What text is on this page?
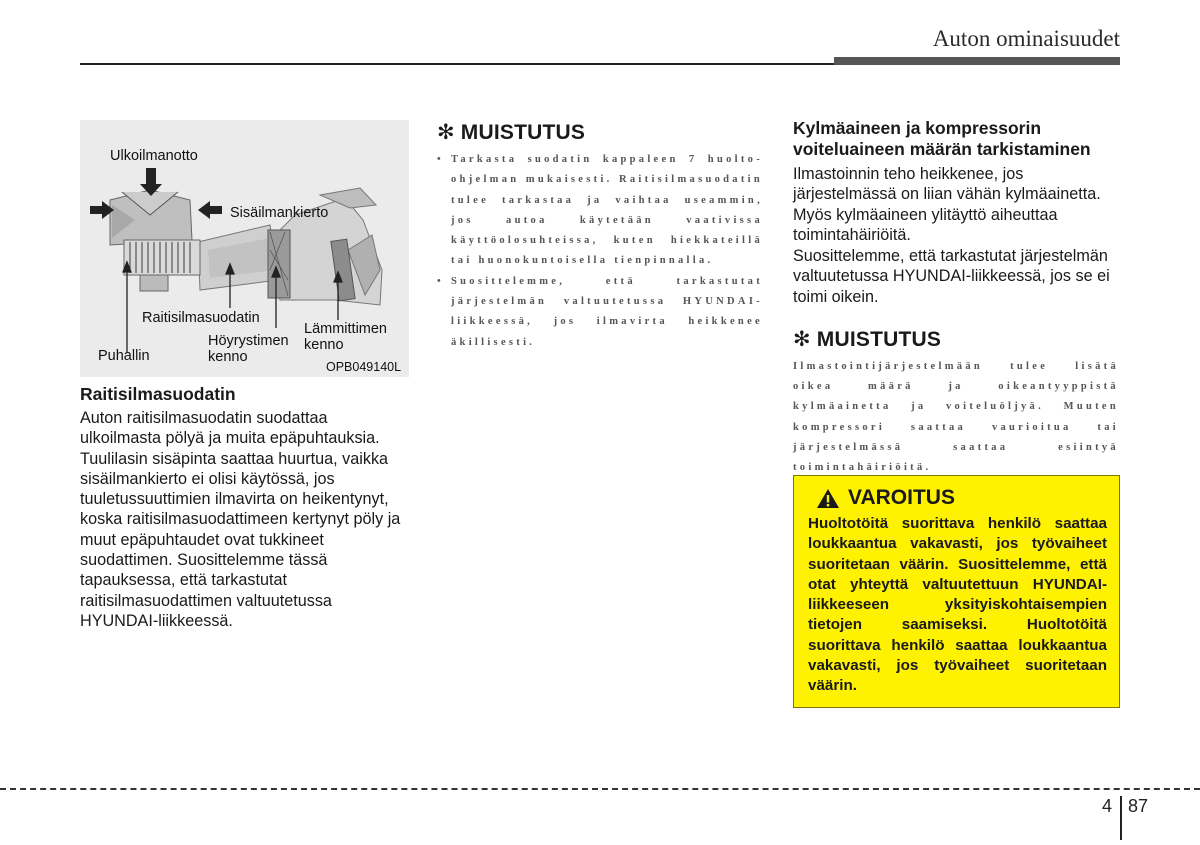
Auton ominaisuudet
Ulkoilmanotto
Sisäilmankierto
Raitisilmasuodatin
Höyrystimen
kenno
Lämmittimen
kenno
Puhallin
OPB049140L
Raitisilmasuodatin
Auton raitisilmasuodatin suodattaa ulkoilmasta pölyä ja muita epäpuhtauksia. Tuulilasin sisäpinta saattaa huurtua, vaikka sisäilmankierto ei olisi käytössä, jos tuuletussuuttimien ilmavirta on heikentynyt, koska raitisilmasuodattimeen kertynyt pöly ja muut epäpuhtaudet ovat tukkineet suodattimen. Suosittelemme tässä tapauksessa, että tarkastutat raitisilmasuodattimen valtuutetussa HYUNDAI-liikkeessä.
✻ MUISTUTUS
• Tarkasta suodatin kappaleen 7 huolto-ohjelman mukaisesti. Raitisilmasuodatin tulee tarkastaa ja vaihtaa useammin, jos autoa käytetään vaativissa käyttöolosuhteissa, kuten hiekkateillä tai huonokuntoisella tienpinnalla.
• Suosittelemme, että tarkastutat järjestelmän valtuutetussa HYUNDAI-liikkeessä, jos ilmavirta heikkenee äkillisesti.
Kylmäaineen ja kompressorin voiteluaineen määrän tarkistaminen

Ilmastoinnin teho heikkenee, jos järjestelmässä on liian vähän kylmäainetta. Myös kylmäaineen ylitäyttö aiheuttaa toimintahäiriöitä.

Suosittelemme, että tarkastutat järjestelmän valtuutetussa HYUNDAI-liikkeessä, jos se ei toimi oikein.

✻ MUISTUTUS
Ilmastointijärjestelmään tulee lisätä oikea määrä ja oikeantyyppistä kylmäainetta ja voiteluöljyä. Muuten kompressori saattaa vaurioitua tai järjestelmässä saattaa esiintyä toimintahäiriöitä.
VAROITUS
Huoltotöitä suorittava henkilö saattaa loukkaantua vakavasti, jos työvaiheet suoritetaan väärin. Suosittelemme, että otat yhteyttä valtuutettuun HYUNDAI-liikkeeseen yksityiskohtaisempien tietojen saamiseksi. Huoltotöitä suorittava henkilö saattaa loukkaantua vakavasti, jos työvaiheet suoritetaan väärin.
4 87
